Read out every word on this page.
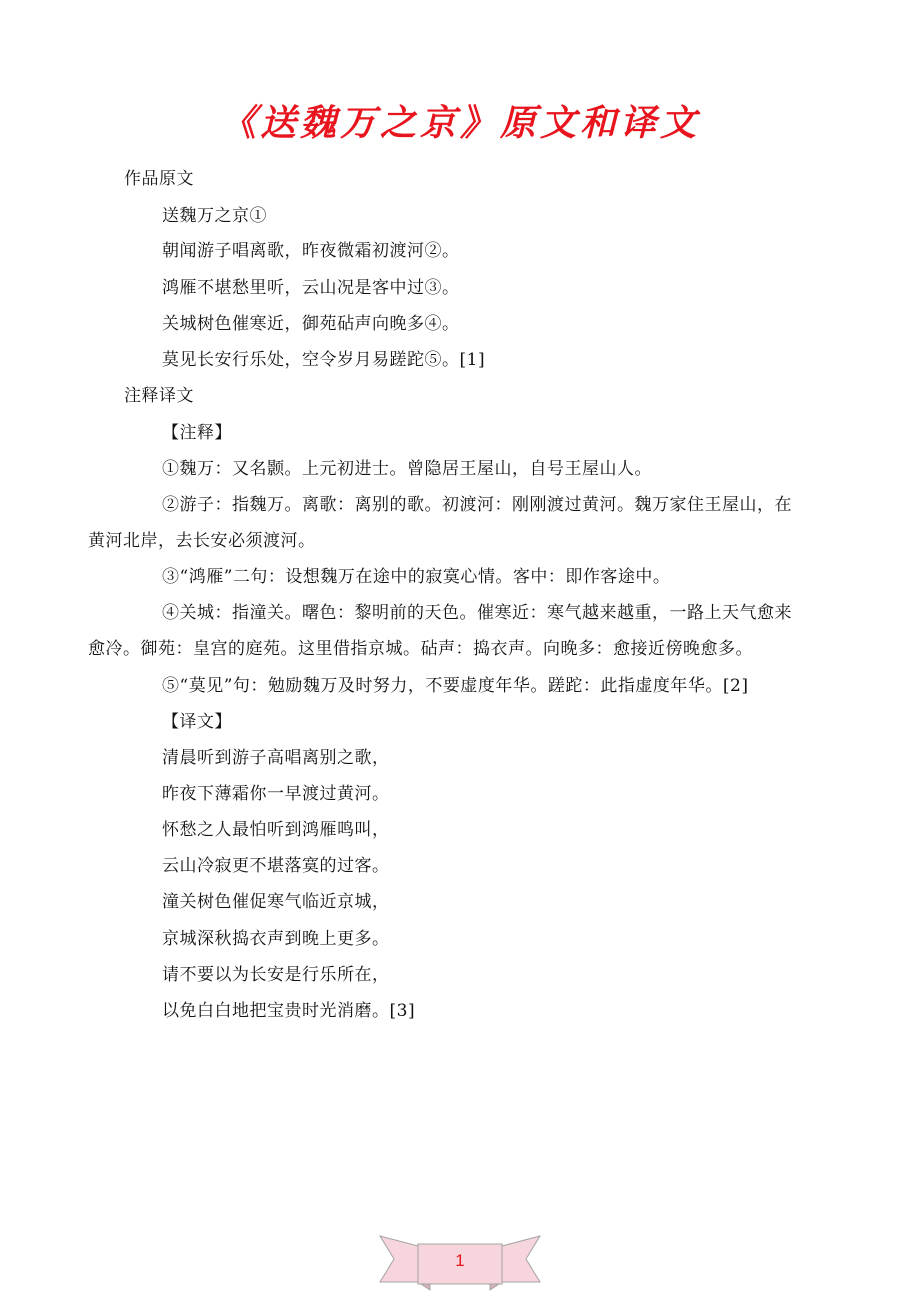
《送魏万之京》原文和译文
作品原文
送魏万之京①
朝闻游子唱离歌，昨夜微霜初渡河②。
鸿雁不堪愁里听，云山况是客中过③。
关城树色催寒近，御苑砧声向晚多④。
莫见长安行乐处，空令岁月易蹉跎⑤。[1]
注释译文
【注释】
①魏万：又名颢。上元初进士。曾隐居王屋山，自号王屋山人。
②游子：指魏万。离歌：离别的歌。初渡河：刚刚渡过黄河。魏万家住王屋山，在
黄河北岸，去长安必须渡河。
③“鸿雁”二句：设想魏万在途中的寂寞心情。客中：即作客途中。
④关城：指潼关。曙色：黎明前的天色。催寒近：寒气越来越重，一路上天气愈来
愈冷。御苑：皇宫的庭苑。这里借指京城。砧声：捣衣声。向晚多：愈接近傍晚愈多。
⑤“莫见”句：勉励魏万及时努力，不要虚度年华。蹉跎：此指虚度年华。[2]
【译文】
清晨听到游子高唱离别之歌，
昨夜下薄霜你一早渡过黄河。
怀愁之人最怕听到鸿雁鸣叫，
云山冷寂更不堪落寞的过客。
潼关树色催促寒气临近京城，
京城深秋捣衣声到晚上更多。
请不要以为长安是行乐所在，
以免白白地把宝贵时光消磨。[3]
1
